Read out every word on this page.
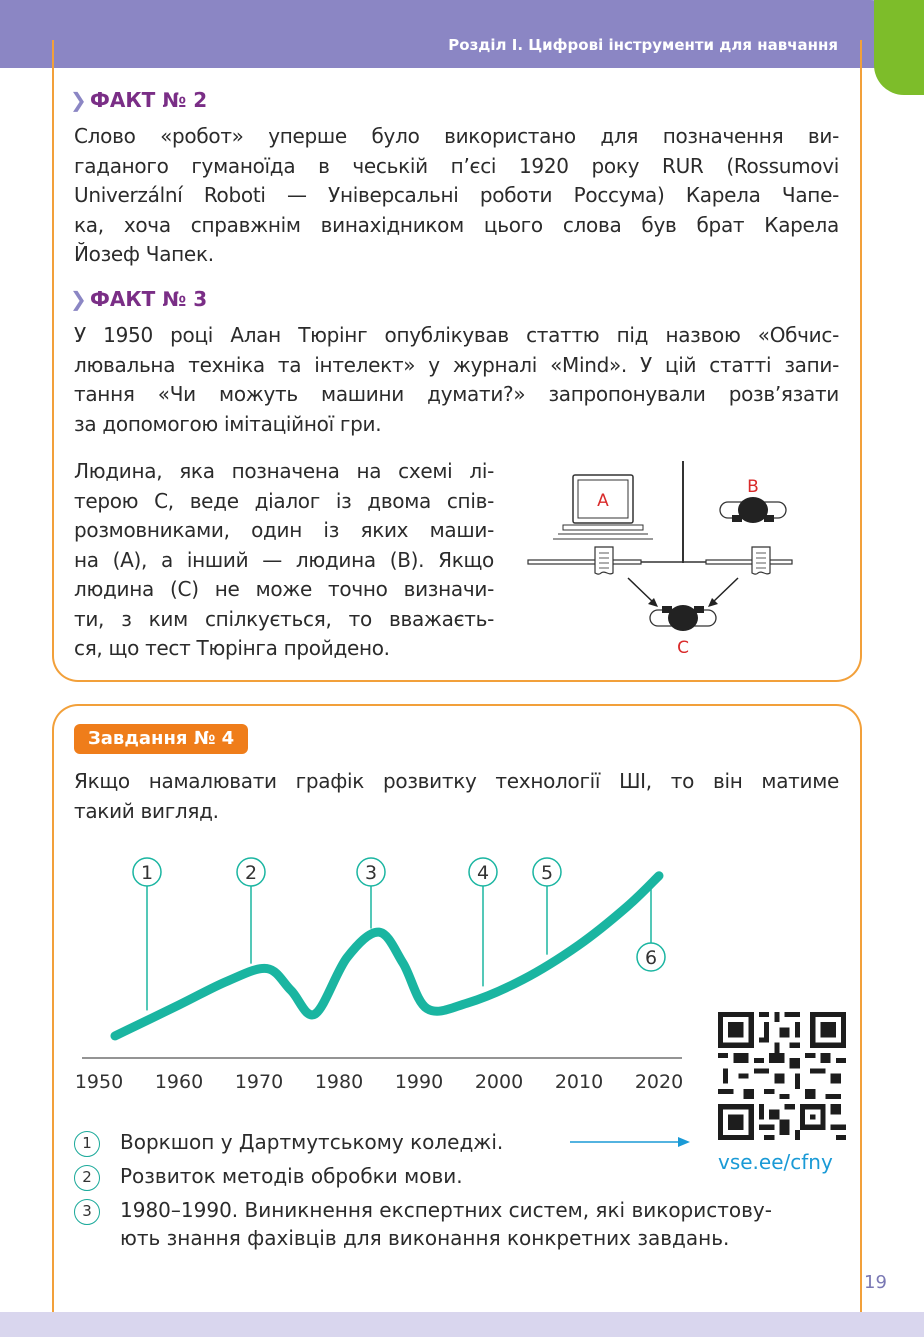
Розділ I. Цифрові інструменти для навчання
❯ ФАКТ № 2
Слово «робот» уперше було використано для позначення ви-
гаданого гуманоїда в чеській п’єсі 1920 року RUR (Rossumovi
Univerzální Roboti — Універсальні роботи Россума) Карела Чапе-
ка, хоча справжнім винахідником цього слова був брат Карела
Йозеф Чапек.
❯ ФАКТ № 3
У 1950 році Алан Тюрінг опублікував статтю під назвою «Обчис-
лювальна техніка та інтелект» у журналі «Mind». У цій статті запи-
тання «Чи можуть машини думати?» запропонували розв’язати
за допомогою імітаційної гри.
Людина, яка позначена на схемі лі-
терою С, веде діалог із двома спів-
розмовниками, один із яких маши-
на (А), а інший — людина (В). Якщо
людина (С) не може точно визначи-
ти, з ким спілкується, то вважаєть-
ся, що тест Тюрінга пройдено.
A
B
C
Завдання № 4
Якщо намалювати графік розвитку технології ШІ, то він матиме
такий вигляд.
1950 1960 1970 1980 1990 2000 2010 2020
1	2	3	4	5
6
1	Воркшоп у Дартмутському коледжі.
2	Розвиток методів обробки мови.
3	1980–1990. Виникнення експертних систем, які використову-
ють знання фахівців для виконання конкретних завдань.
vse.ee/cfny
19
